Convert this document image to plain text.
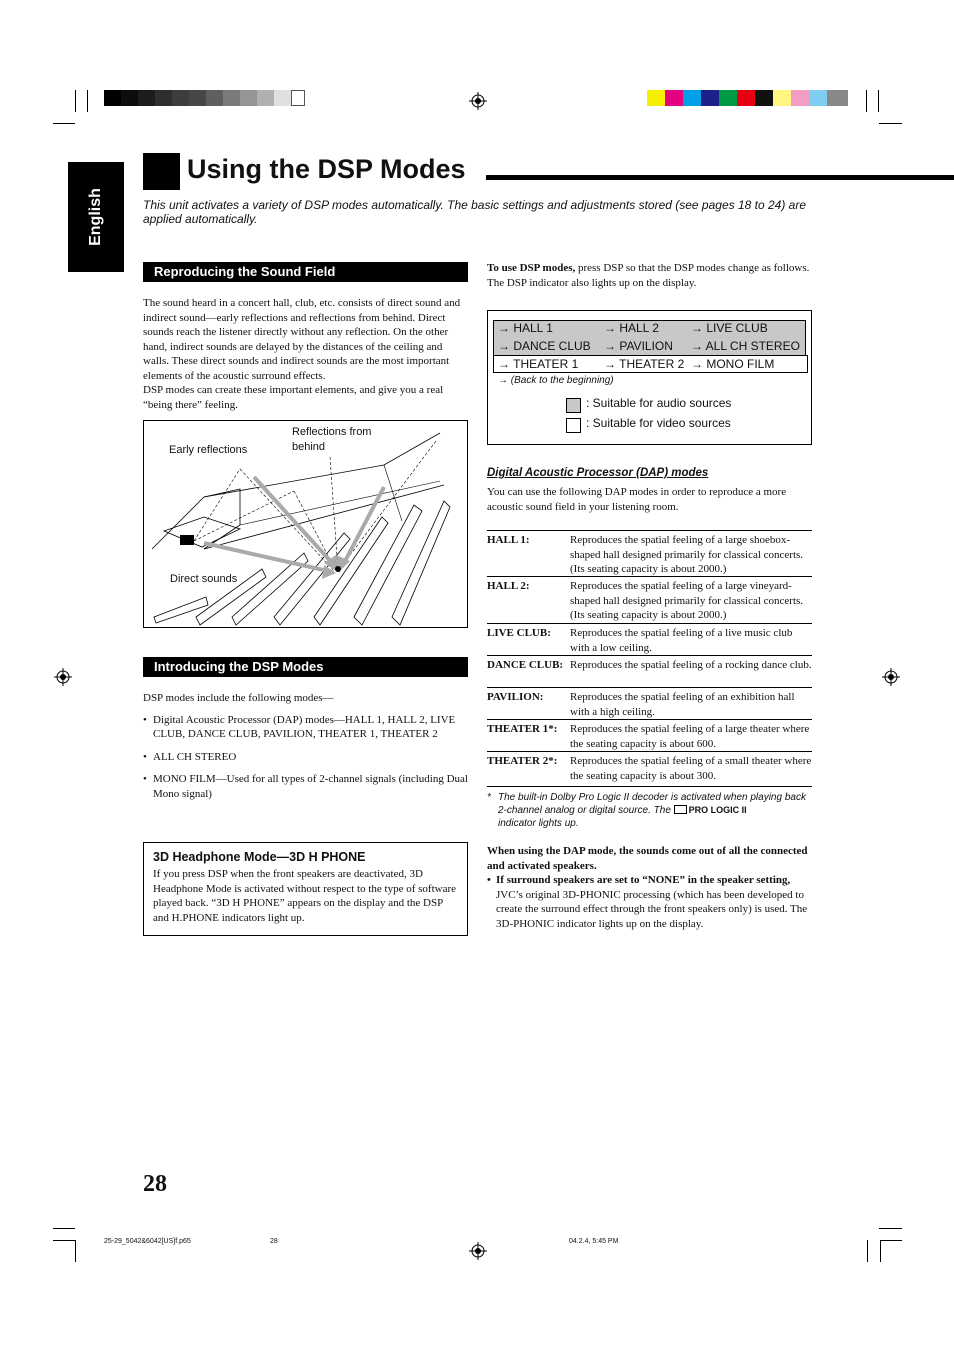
English
Using the DSP Modes
This unit activates a variety of DSP modes automatically. The basic settings and adjustments stored (see pages 18 to 24) are applied automatically.
Reproducing the Sound Field
The sound heard in a concert hall, club, etc. consists of direct sound and indirect sound—early reflections and reflections from behind. Direct sounds reach the listener directly without any reflection. On the other hand, indirect sounds are delayed by the distances of the ceiling and walls. These direct sounds and indirect sounds are the most important elements of the acoustic surround effects.
DSP modes can create these important elements, and give you a real “being there” feeling.
Early reflections
Reflections from
behind
Direct sounds
Introducing the DSP Modes
DSP modes include the following modes—
• Digital Acoustic Processor (DAP) modes—HALL 1, HALL 2, LIVE CLUB, DANCE CLUB, PAVILION, THEATER 1, THEATER 2
• ALL CH STEREO
• MONO FILM—Used for all types of 2-channel signals (including Dual Mono signal)
3D Headphone Mode—3D H PHONE
If you press DSP when the front speakers are deactivated, 3D Headphone Mode is activated without respect to the type of software played back. “3D H PHONE” appears on the display and the DSP and H.PHONE indicators light up.
To use DSP modes, press DSP so that the DSP modes change as follows.
The DSP indicator also lights up on the display.
→ HALL 1	→ HALL 2	→ LIVE CLUB
→ DANCE CLUB → PAVILION → ALL CH STEREO
→ THEATER 1 → THEATER 2 → MONO FILM
→ (Back to the beginning)
: Suitable for audio sources
: Suitable for video sources
Digital Acoustic Processor (DAP) modes
You can use the following DAP modes in order to reproduce a more acoustic sound field in your listening room.
HALL 1:	Reproduces the spatial feeling of a large shoebox-shaped hall designed primarily for classical concerts. (Its seating capacity is about 2000.)
HALL 2:	Reproduces the spatial feeling of a large vineyard-shaped hall designed primarily for classical concerts. (Its seating capacity is about 2000.)
LIVE CLUB: Reproduces the spatial feeling of a live music club with a low ceiling.
DANCE CLUB: Reproduces the spatial feeling of a rocking dance club.
PAVILION: Reproduces the spatial feeling of an exhibition hall with a high ceiling.
THEATER 1*: Reproduces the spatial feeling of a large theater where the seating capacity is about 600.
THEATER 2*: Reproduces the spatial feeling of a small theater where the seating capacity is about 300.
* The built-in Dolby Pro Logic II decoder is activated when playing back 2-channel analog or digital source. The PRO LOGIC II
indicator lights up.
When using the DAP mode, the sounds come out of all the connected and activated speakers.
• If surround speakers are set to “NONE” in the speaker setting, JVC’s original 3D-PHONIC processing (which has been developed to create the surround effect through the front speakers only) is used. The 3D-PHONIC indicator lights up on the display.
28
25-29_5042&6042[US]f.p65	28	04.2.4, 5:45 PM
